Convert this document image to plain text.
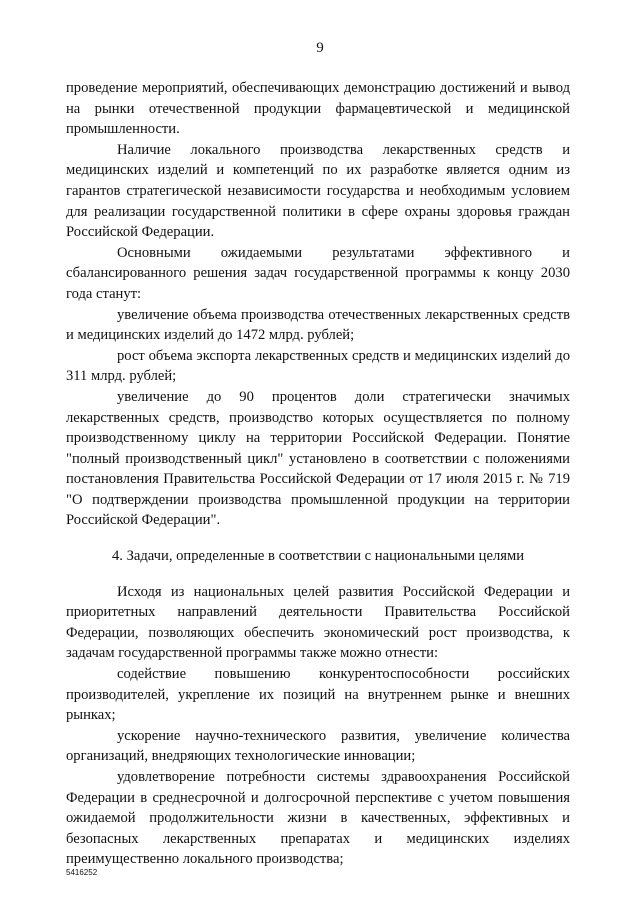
9

проведение мероприятий, обеспечивающих демонстрацию достижений и вывод на рынки отечественной продукции фармацевтической и медицинской промышленности.

Наличие локального производства лекарственных средств и медицинских изделий и компетенций по их разработке является одним из гарантов стратегической независимости государства и необходимым условием для реализации государственной политики в сфере охраны здоровья граждан Российской Федерации.

Основными ожидаемыми результатами эффективного и сбалансированного решения задач государственной программы к концу 2030 года станут:

увеличение объема производства отечественных лекарственных средств и медицинских изделий до 1472 млрд. рублей;

рост объема экспорта лекарственных средств и медицинских изделий до 311 млрд. рублей;

увеличение до 90 процентов доли стратегически значимых лекарственных средств, производство которых осуществляется по полному производственному циклу на территории Российской Федерации. Понятие "полный производственный цикл" установлено в соответствии с положениями постановления Правительства Российской Федерации от 17 июля 2015 г. № 719 "О подтверждении производства промышленной продукции на территории Российской Федерации".

4. Задачи, определенные в соответствии с национальными целями

Исходя из национальных целей развития Российской Федерации и приоритетных направлений деятельности Правительства Российской Федерации, позволяющих обеспечить экономический рост производства, к задачам государственной программы также можно отнести:

содействие повышению конкурентоспособности российских производителей, укрепление их позиций на внутреннем рынке и внешних рынках;

ускорение научно-технического развития, увеличение количества организаций, внедряющих технологические инновации;

удовлетворение потребности системы здравоохранения Российской Федерации в среднесрочной и долгосрочной перспективе с учетом повышения ожидаемой продолжительности жизни в качественных, эффективных и безопасных лекарственных препаратах и медицинских изделиях преимущественно локального производства;

5416252
